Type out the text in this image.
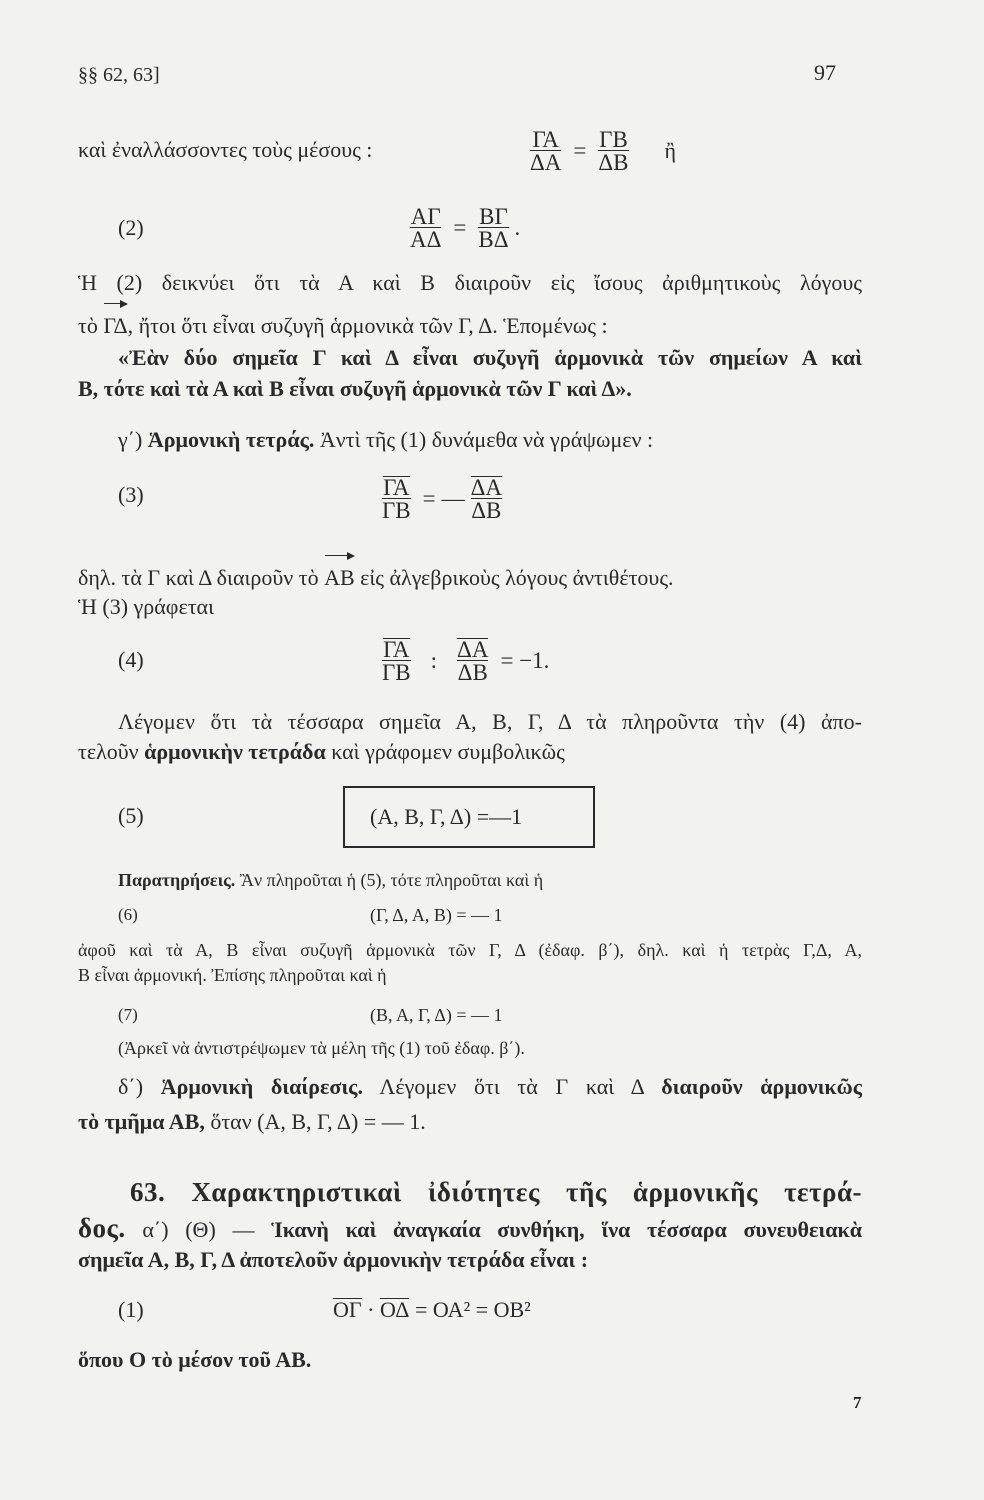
§§ 62, 63]	97
καὶ ἐναλλάσσοντες τοὺς μέσους :	$\frac{\Gamma A}{\Delta A} = \frac{\Gamma B}{\Delta B}$ ἢ
(2)	$\frac{A\Gamma}{A\Delta} = \frac{B\Gamma}{B\Delta}$ .
Ἡ (2) δεικνύει ὅτι τὰ Α καὶ Β διαιροῦν εἰς ἴσους ἀριθμητικοὺς λόγους
τὸ ΓΔ, ἤτοι ὅτι εἶναι συζυγῆ ἁρμονικὰ τῶν Γ, Δ. Ἑπομένως :
«Ἐὰν δύο σημεῖα Γ καὶ Δ εἶναι συζυγῆ ἁρμονικὰ τῶν σημείων Α καὶ
Β, τότε καὶ τὰ Α καὶ Β εἶναι συζυγῆ ἁρμονικὰ τῶν Γ καὶ Δ».
γ΄) Ἁρμονικὴ τετράς. Ἀντὶ τῆς (1) δυνάμεθα νὰ γράψωμεν :
(3)	$\frac{\Gamma A}{\Gamma B}$ = — $\frac{\Delta A}{\Delta B}$
δηλ. τὰ Γ καὶ Δ διαιροῦν τὸ ΑΒ εἰς ἀλγεβρικοὺς λόγους ἀντιθέτους.
Ἡ (3) γράφεται
(4)	$\frac{\Gamma A}{\Gamma B}$ : $\frac{\Delta A}{\Delta B} = -1$.
Λέγομεν ὅτι τὰ τέσσαρα σημεῖα Α, Β, Γ, Δ τὰ πληροῦντα τὴν (4) ἀπο-
τελοῦν ἁρμονικὴν τετράδα καὶ γράφομεν συμβολικῶς
(5)	(Α, Β, Γ, Δ) =—1
Παρατηρήσεις. Ἂν πληροῦται ἡ (5), τότε πληροῦται καὶ ἡ
(6)	(Γ, Δ, Α, Β) = — 1
ἀφοῦ καὶ τὰ Α, Β εἶναι συζυγῆ ἁρμονικὰ τῶν Γ, Δ (ἐδαφ. β΄), δηλ. καὶ ἡ τετρὰς Γ,Δ, Α,
Β εἶναι ἁρμονική. Ἐπίσης πληροῦται καὶ ἡ
(7)	(Β, Α, Γ, Δ) = — 1
(Ἀρκεῖ νὰ ἀντιστρέψωμεν τὰ μέλη τῆς (1) τοῦ ἐδαφ. β΄).
δ΄) Ἁρμονικὴ διαίρεσις. Λέγομεν ὅτι τὰ Γ καὶ Δ διαιροῦν ἁρμονικῶς
τὸ τμῆμα ΑΒ, ὅταν (Α, Β, Γ, Δ) = — 1.
63. Χαρακτηριστικαὶ ἰδιότητες τῆς ἁρμονικῆς τετρά-
δος. α΄) (Θ) — Ἱκανὴ καὶ ἀναγκαία συνθήκη, ἵνα τέσσαρα συνευθειακὰ
σημεῖα Α, Β, Γ, Δ ἀποτελοῦν ἁρμονικὴν τετράδα εἶναι :
(1)	ΟΓ · ΟΔ = ΟΑ² = ΟΒ²
ὅπου Ο τὸ μέσον τοῦ ΑΒ.
7
